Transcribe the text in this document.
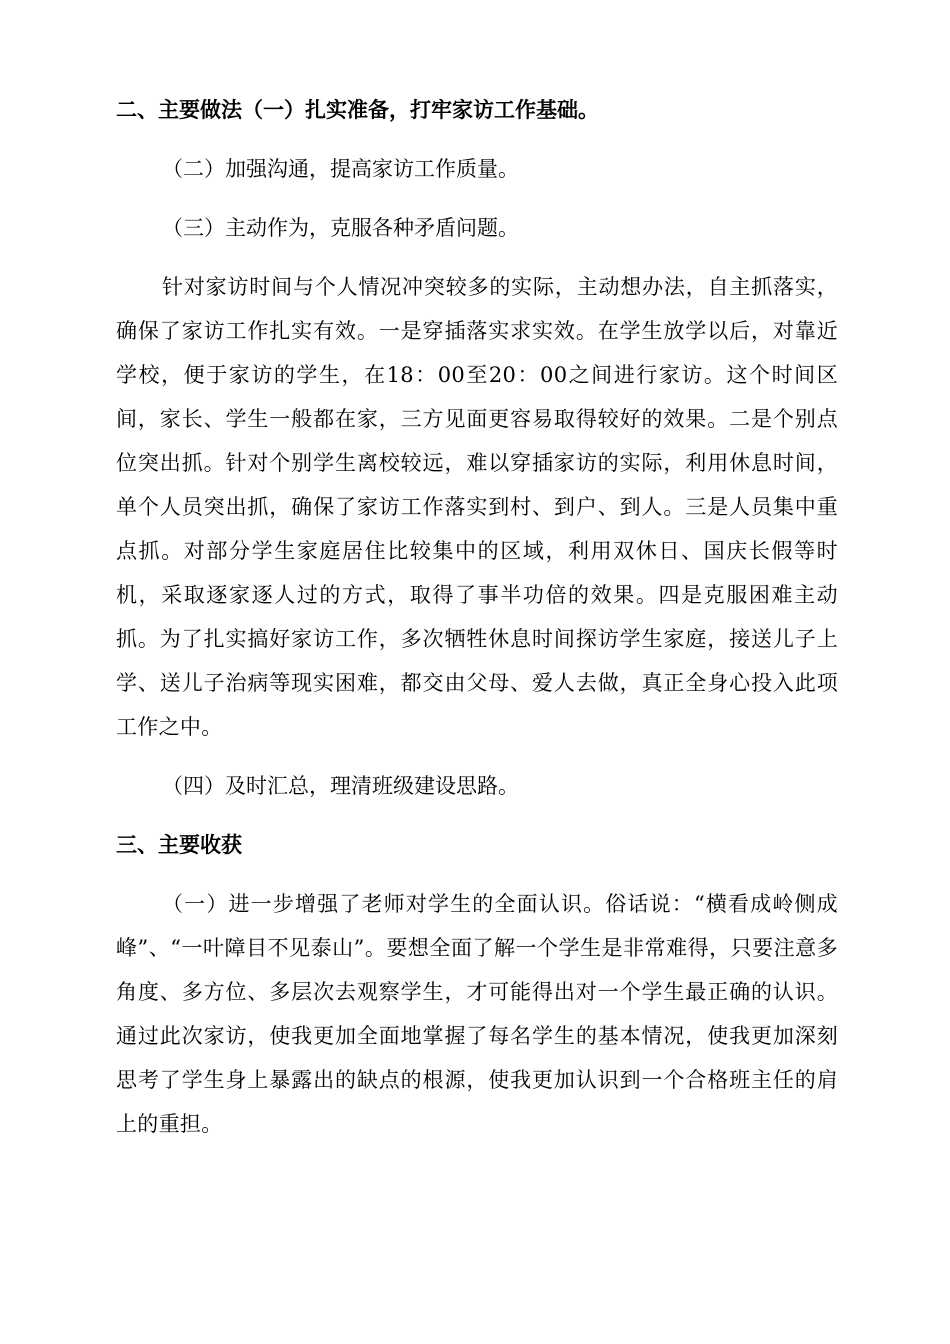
二、主要做法（一）扎实准备，打牢家访工作基础。
（二）加强沟通，提高家访工作质量。
（三）主动作为，克服各种矛盾问题。
针对家访时间与个人情况冲突较多的实际，主动想办法，自主抓落实，确保了家访工作扎实有效。一是穿插落实求实效。在学生放学以后，对靠近学校，便于家访的学生，在18：00至20：00之间进行家访。这个时间区间，家长、学生一般都在家，三方见面更容易取得较好的效果。二是个别点位突出抓。针对个别学生离校较远，难以穿插家访的实际，利用休息时间，单个人员突出抓，确保了家访工作落实到村、到户、到人。三是人员集中重点抓。对部分学生家庭居住比较集中的区域，利用双休日、国庆长假等时机，采取逐家逐人过的方式，取得了事半功倍的效果。四是克服困难主动抓。为了扎实搞好家访工作，多次牺牲休息时间探访学生家庭，接送儿子上学、送儿子治病等现实困难，都交由父母、爱人去做，真正全身心投入此项工作之中。
（四）及时汇总，理清班级建设思路。
三、主要收获
（一）进一步增强了老师对学生的全面认识。俗话说：“横看成岭侧成峰”、“一叶障目不见泰山”。要想全面了解一个学生是非常难得，只要注意多角度、多方位、多层次去观察学生，才可能得出对一个学生最正确的认识。通过此次家访，使我更加全面地掌握了每名学生的基本情况，使我更加深刻思考了学生身上暴露出的缺点的根源，使我更加认识到一个合格班主任的肩上的重担。
